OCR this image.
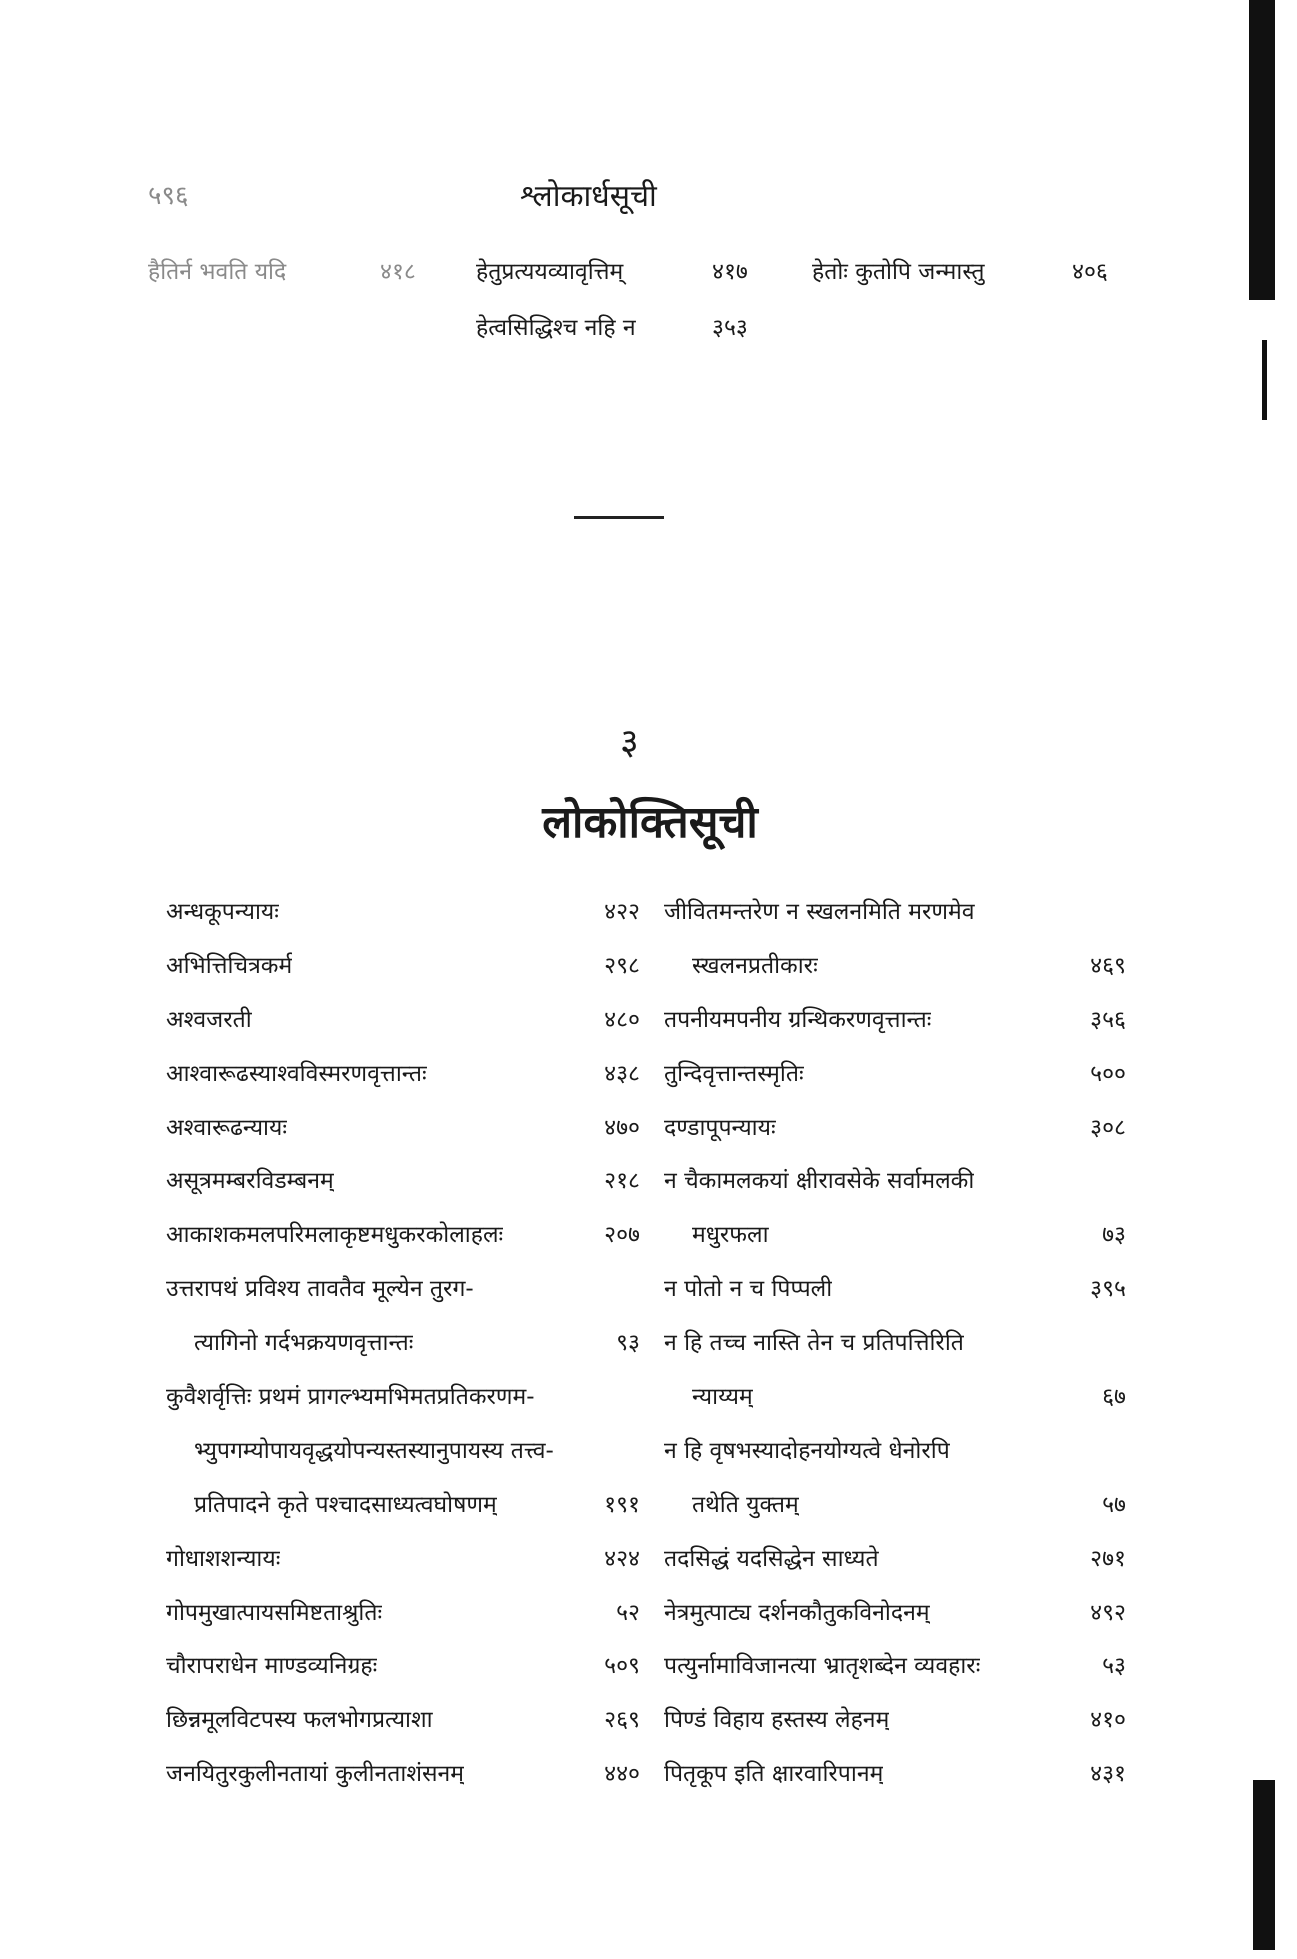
५९६	श्लोकार्धसूची
हैतिर्न भवति यदि	४१८	हेतुप्रत्ययव्यावृत्तिम्	४१७	हेतोः कुतोपि जन्मास्तु	४०६
हेत्वसिद्धिश्च नहि न	३५३
३
लोकोक्तिसूची
अन्धकूपन्यायः	४२२
अभित्तिचित्रकर्म	२९८
अश्वजरती	४८०
आश्वारूढस्याश्वविस्मरणवृत्तान्तः	४३८
अश्वारूढन्यायः	४७०
असूत्रमम्बरविडम्बनम्	२१८
आकाशकमलपरिमलाकृष्टमधुकरकोलाहलः	२०७
उत्तरापथं प्रविश्य तावतैव मूल्येन तुरग-
त्यागिनो गर्दभक्रयणवृत्तान्तः	९३
कुवैशर्वृत्तिः प्रथमं प्रागल्भ्यमभिमतप्रतिकरणम-
भ्युपगम्योपायवृद्धयोपन्यस्तस्यानुपायस्य तत्त्व-
प्रतिपादने कृते पश्चादसाध्यत्वघोषणम्	१९१
गोधाशशन्यायः	४२४
गोपमुखात्पायसमिष्टताश्रुतिः	५२
चौरापराधेन माण्डव्यनिग्रहः	५०९
छिन्नमूलविटपस्य फलभोगप्रत्याशा	२६९
जनयितुरकुलीनतायां कुलीनताशंसनम्	४४०
जीवितमन्तरेण न स्खलनमिति मरणमेव
स्खलनप्रतीकारः	४६९
तपनीयमपनीय ग्रन्थिकरणवृत्तान्तः	३५६
तुन्दिवृत्तान्तस्मृतिः	५००
दण्डापूपन्यायः	३०८
न चैकामलकयां क्षीरावसेके सर्वामलकी
मधुरफला	७३
न पोतो न च पिप्पली	३९५
न हि तच्च नास्ति तेन च प्रतिपत्तिरिति
न्याय्यम्	६७
न हि वृषभस्यादोहनयोग्यत्वे धेनोरपि
तथेति युक्तम्	५७
तदसिद्धं यदसिद्धेन साध्यते	२७१
नेत्रमुत्पाट्य दर्शनकौतुकविनोदनम्	४९२
पत्युर्नामाविजानत्या भ्रातृशब्देन व्यवहारः	५३
पिण्डं विहाय हस्तस्य लेहनम्	४१०
पितृकूप इति क्षारवारिपानम्	४३१
